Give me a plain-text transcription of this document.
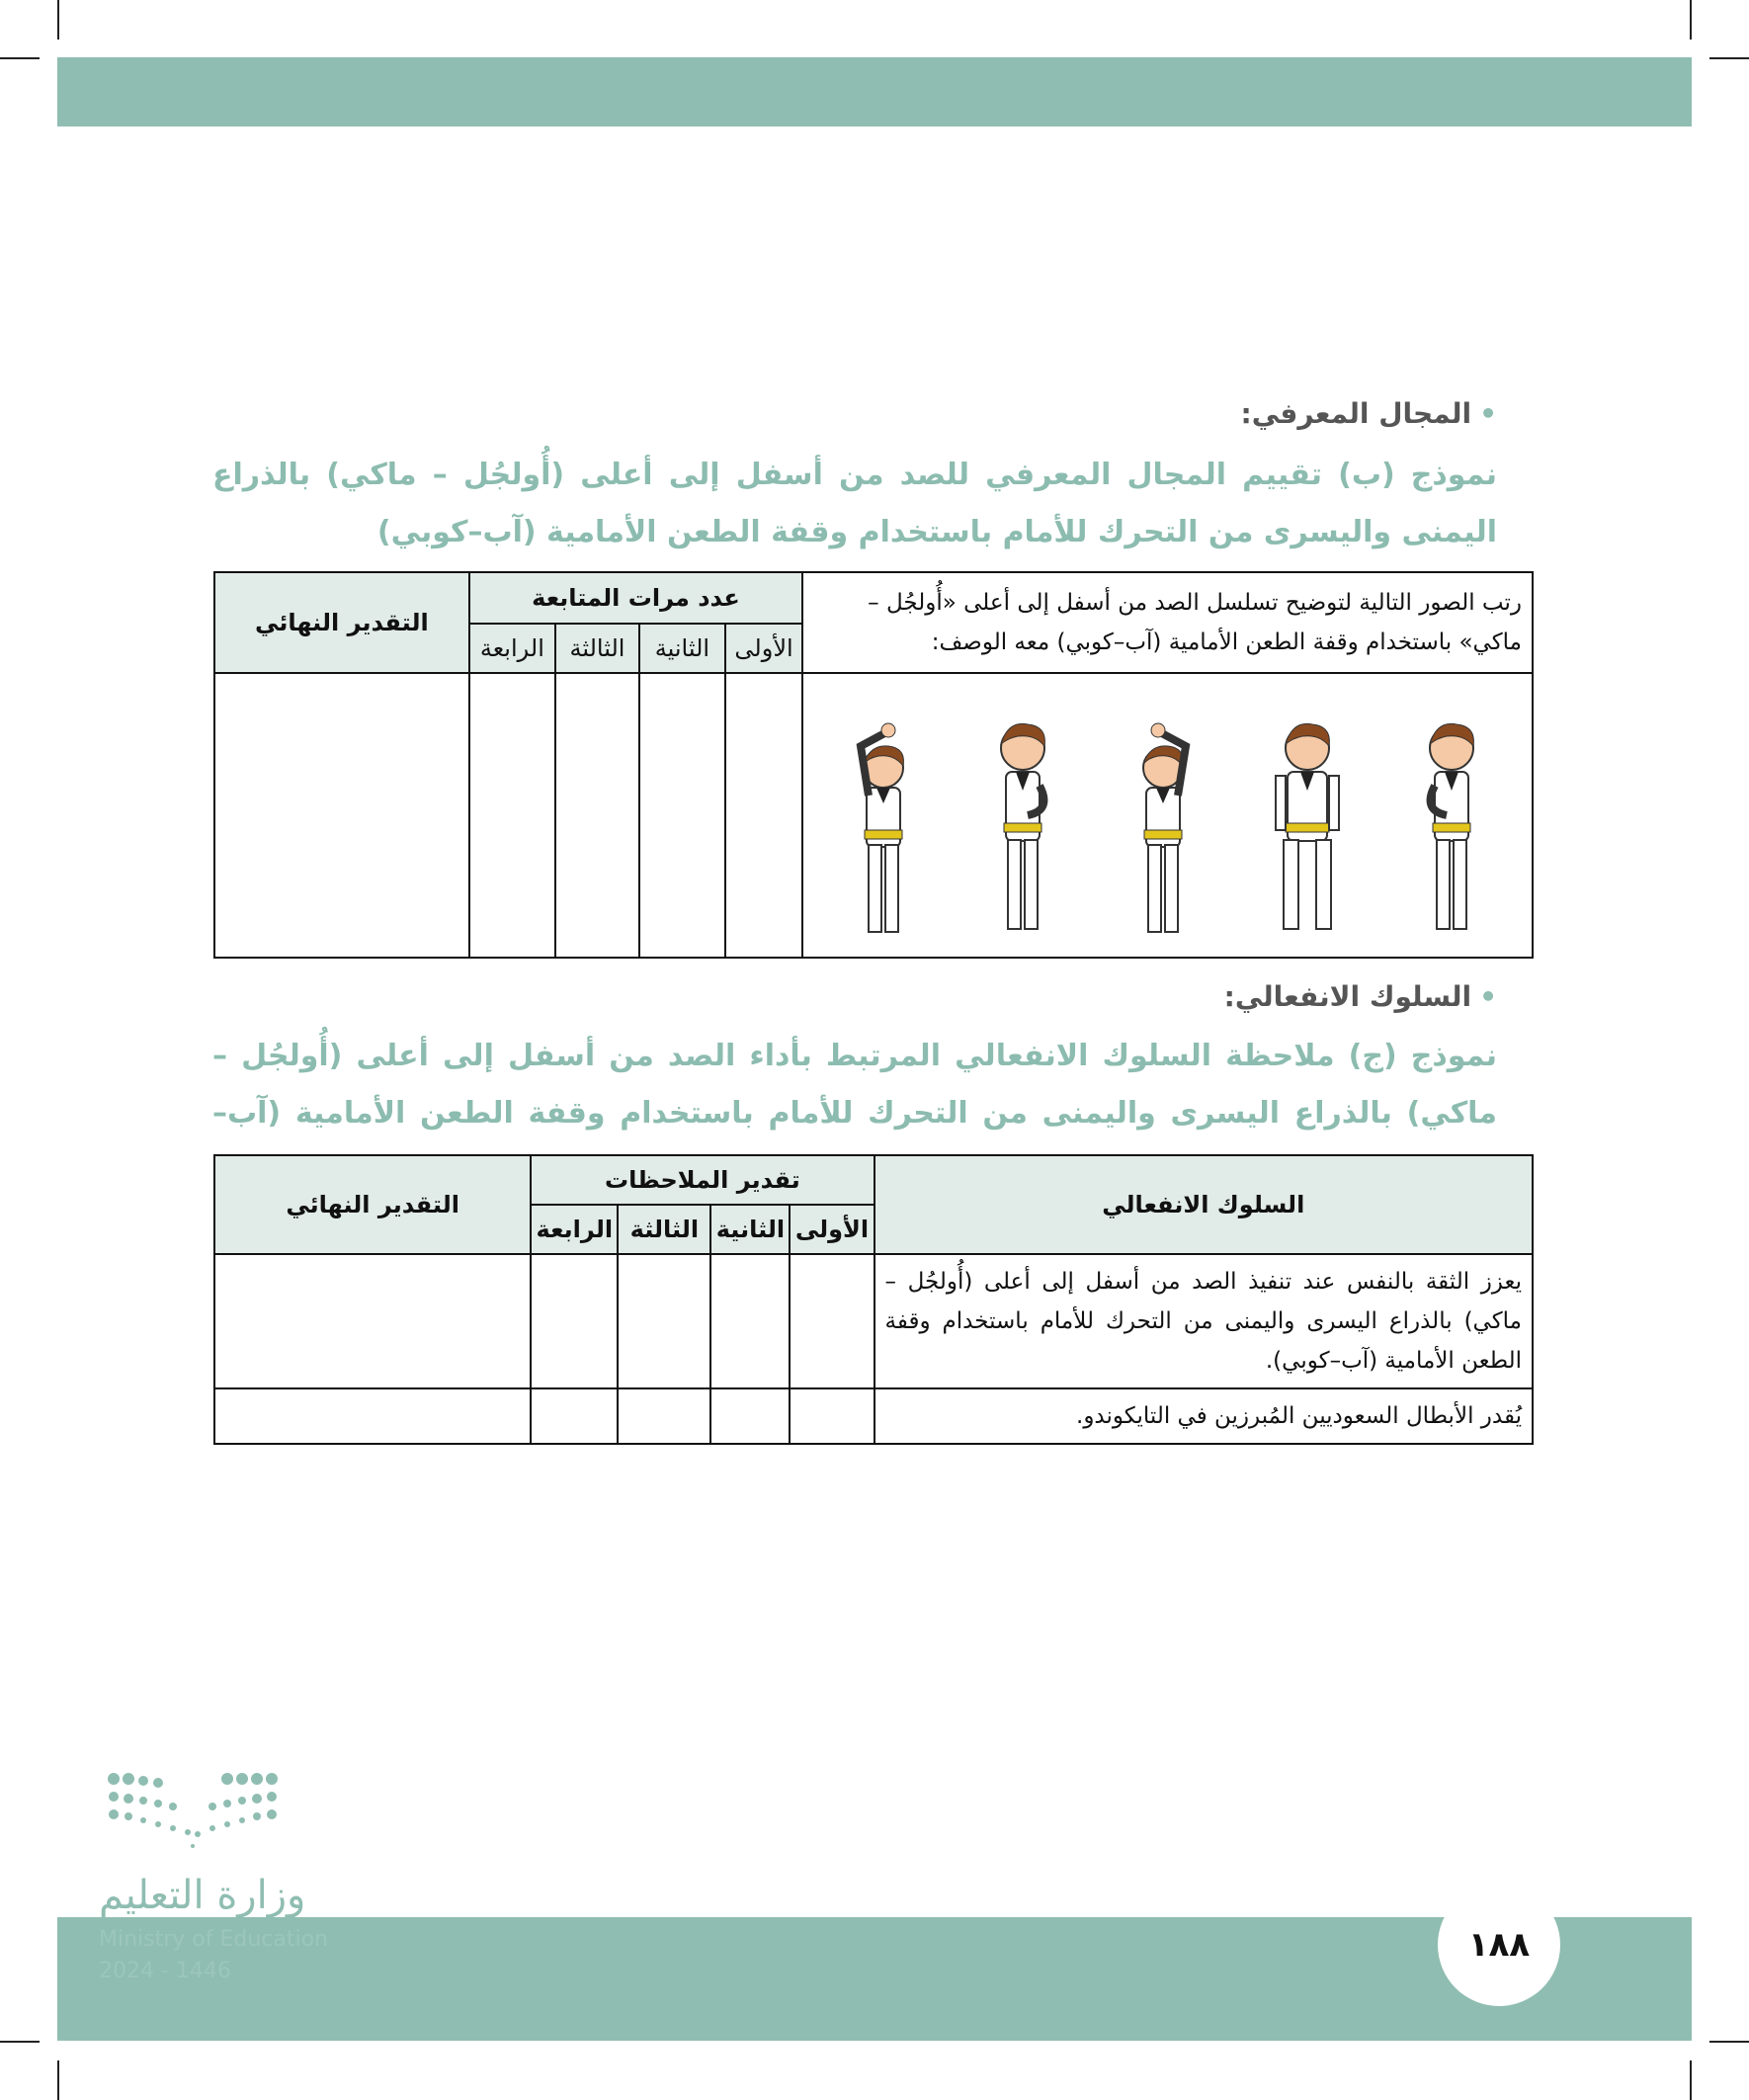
•المجال المعرفي:
نموذج (ب) تقييم المجال المعرفي للصد من أسفل إلى أعلى (أُولجُل – ماكي) بالذراع اليمنى واليسرى من التحرك للأمام باستخدام وقفة الطعن الأمامية (آب–كوبي)
رتب الصور التالية لتوضيح تسلسل الصد من أسفل إلى أعلى «أُولجُل – ماكي» باستخدام وقفة الطعن الأمامية (آب–كوبي) معه الوصف:	عدد مرات المتابعة				التقدير النهائي
	الأولى	الثانية	الثالثة	الرابعة	

•السلوك الانفعالي:
نموذج (ج) ملاحظة السلوك الانفعالي المرتبط بأداء الصد من أسفل إلى أعلى (أُولجُل – ماكي) بالذراع اليسرى واليمنى من التحرك للأمام باستخدام وقفة الطعن الأمامية (آب–كوبي)
السلوك الانفعالي	تقدير الملاحظات				التقدير النهائي
	الأولى	الثانية	الثالثة	الرابعة	
يعزز الثقة بالنفس عند تنفيذ الصد من أسفل إلى أعلى (أُولجُل – ماكي) بالذراع اليسرى واليمنى من التحرك للأمام باستخدام وقفة الطعن الأمامية (آب–كوبي).					
يُقدر الأبطال السعوديين المُبرزين في التايكوندو.					
وزارة التعليم
Ministry of Education
2024 - 1446
١٨٨
